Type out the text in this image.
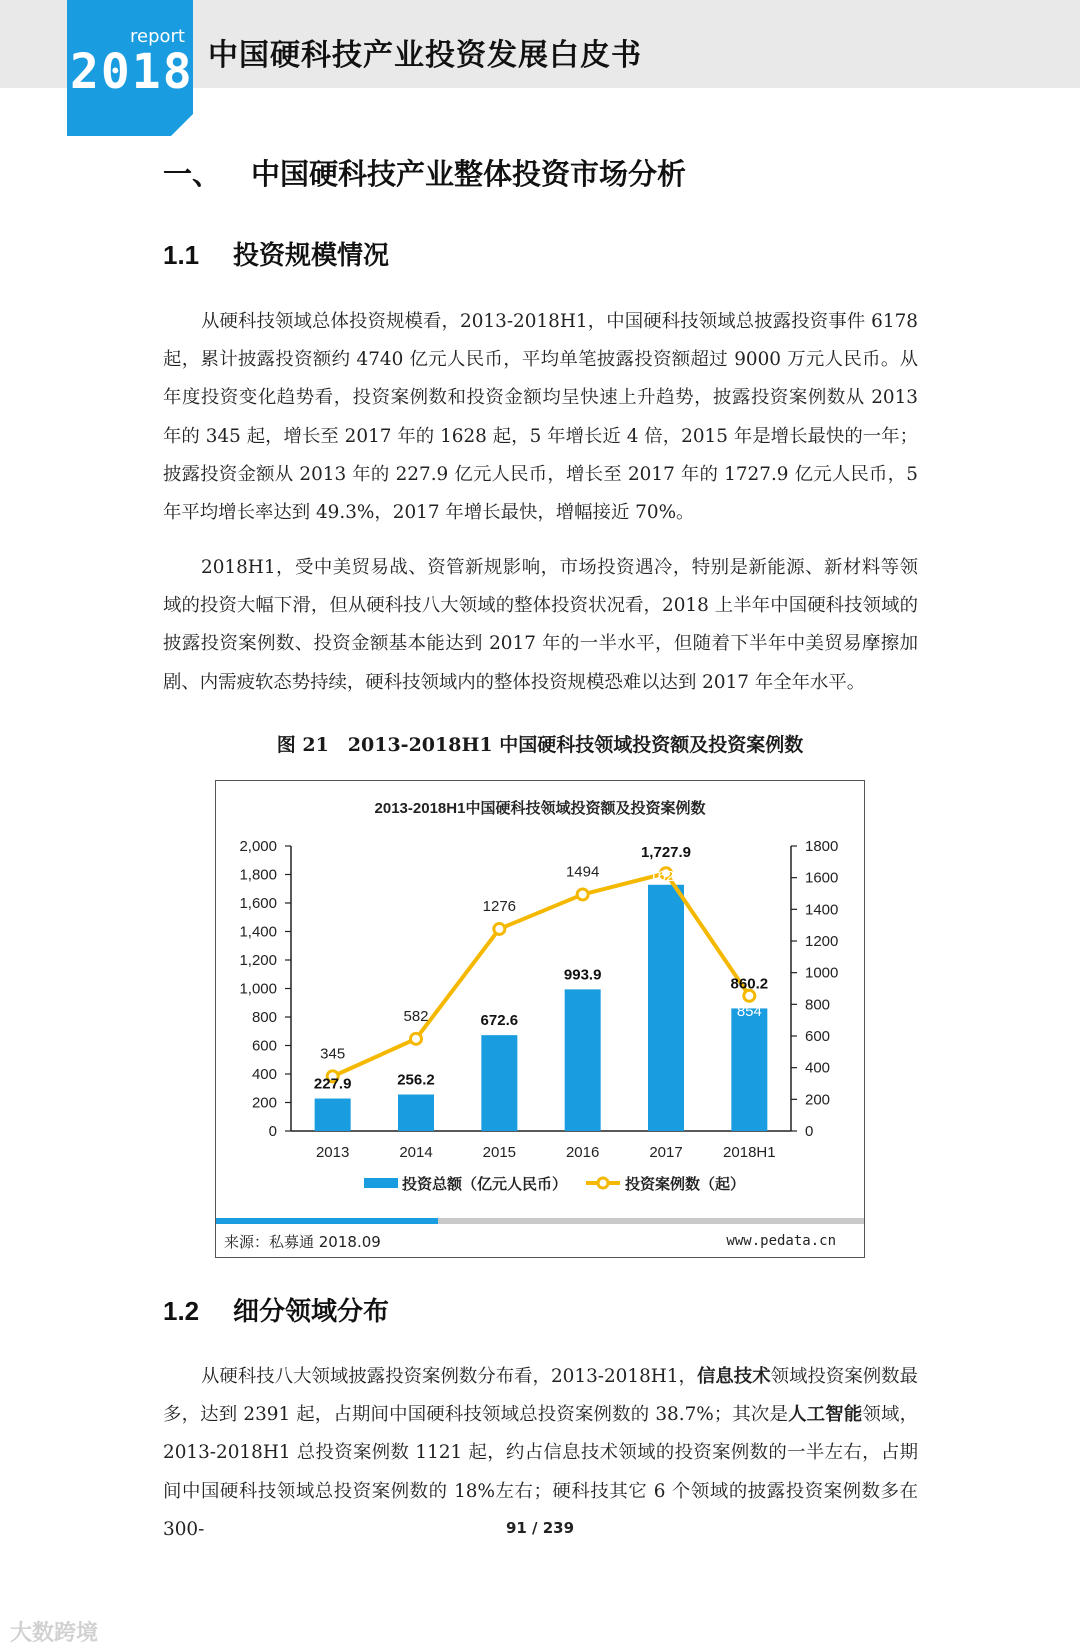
report
2018 中国硬科技产业投资发展白皮书
一、 中国硬科技产业整体投资市场分析
1.1 投资规模情况
从硬科技领域总体投资规模看，2013-2018H1，中国硬科技领域总披露投资事件 6178 起，累计披露投资额约 4740 亿元人民币，平均单笔披露投资额超过 9000 万元人民币。从年度投资变化趋势看，投资案例数和投资金额均呈快速上升趋势，披露投资案例数从 2013 年的 345 起，增长至 2017 年的 1628 起，5 年增长近 4 倍，2015 年是增长最快的一年；披露投资金额从 2013 年的 227.9 亿元人民币，增长至 2017 年的 1727.9 亿元人民币，5 年平均增长率达到 49.3%，2017 年增长最快，增幅接近 70%。
2018H1，受中美贸易战、资管新规影响，市场投资遇冷，特别是新能源、新材料等领域的投资大幅下滑，但从硬科技八大领域的整体投资状况看，2018 上半年中国硬科技领域的披露投资案例数、投资金额基本能达到 2017 年的一半水平，但随着下半年中美贸易摩擦加剧、内需疲软态势持续，硬科技领域内的整体投资规模恐难以达到 2017 年全年水平。
图 21　2013-2018H1 中国硬科技领域投资额及投资案例数
2013-2018H1中国硬科技领域投资额及投资案例数
0
200
400
600
800
1,000
1,200
1,400
1,600
1,800
2,000
0
200
400
600
800
1000
1200
1400
1600
1800
2013	2014	2015	2016	2017	2018H1
227.9	256.2
672.6
993.9
1,727.9
860.2
345
582
1276
1494	1628
854
投资总额（亿元人民币）	投资案例数（起）
来源：私募通 2018.09	www.pedata.cn
1.2 细分领域分布
从硬科技八大领域披露投资案例数分布看，2013-2018H1，信息技术领域投资案例数最多，达到 2391 起，占期间中国硬科技领域总投资案例数的 38.7%；其次是人工智能领域，2013-2018H1 总投资案例数 1121 起，约占信息技术领域的投资案例数的一半左右，占期间中国硬科技领域总投资案例数的 18%左右；硬科技其它 6 个领域的披露投资案例数多在 300-	91 / 239
大数跨境
